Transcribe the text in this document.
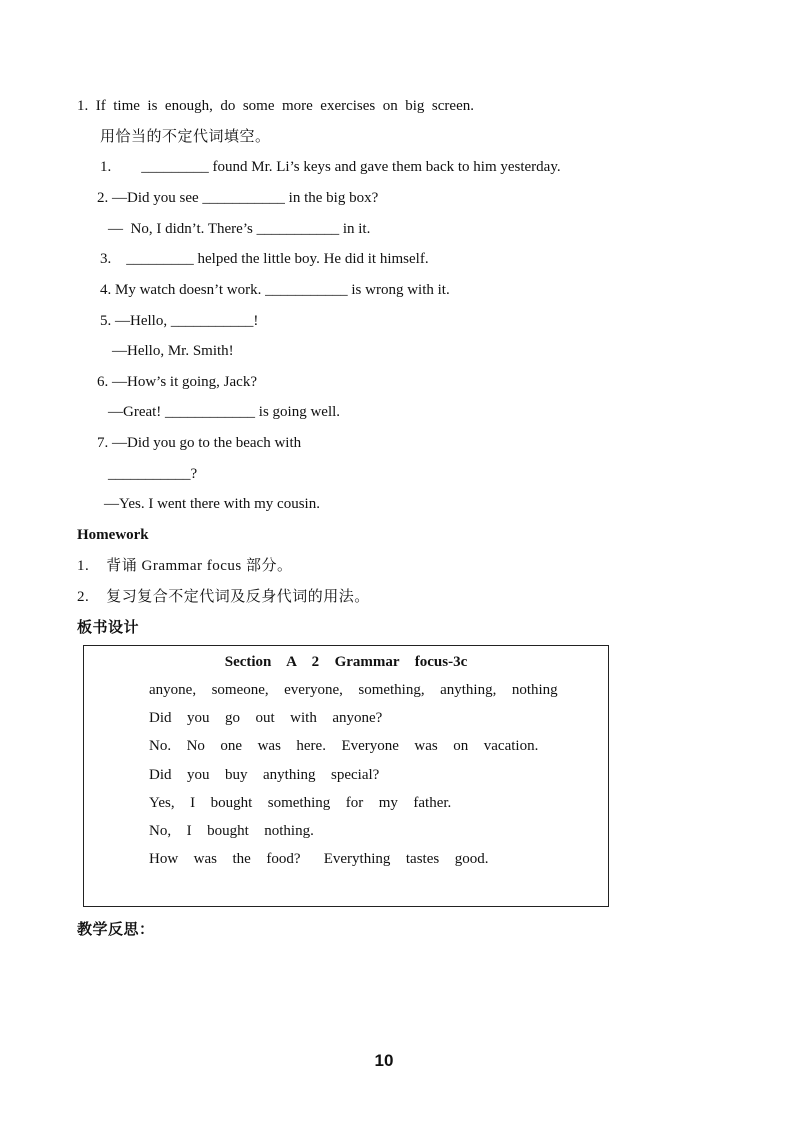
1.  If  time  is  enough,  do  some  more  exercises  on  big  screen.
用恰当的不定代词填空。
1.        _________ found Mr. Li’s keys and gave them back to him yesterday.
2. —Did you see ___________ in the big box?
—  No, I didn’t. There’s ___________ in it.
3.    _________ helped the little boy. He did it himself.
4. My watch doesn’t work. ___________ is wrong with it.
5. —Hello, ___________!
—Hello, Mr. Smith!
6. —How’s it going, Jack?
—Great! ____________ is going well.
7. —Did you go to the beach with
___________?
—Yes. I went there with my cousin.
Homework
1.    背诵 Grammar focus 部分。
2.    复习复合不定代词及反身代词的用法。
板书设计
Section  A  2  Grammar  focus-3c
anyone,  someone,  everyone,  something,  anything,  nothing
Did  you  go  out  with  anyone?
No.  No  one  was  here.  Everyone  was  on  vacation.
Did  you  buy  anything  special?
Yes,  I  bought  something  for  my  father.
No,  I  bought  nothing.
How  was  the  food?   Everything  tastes  good.
教学反思：
10
